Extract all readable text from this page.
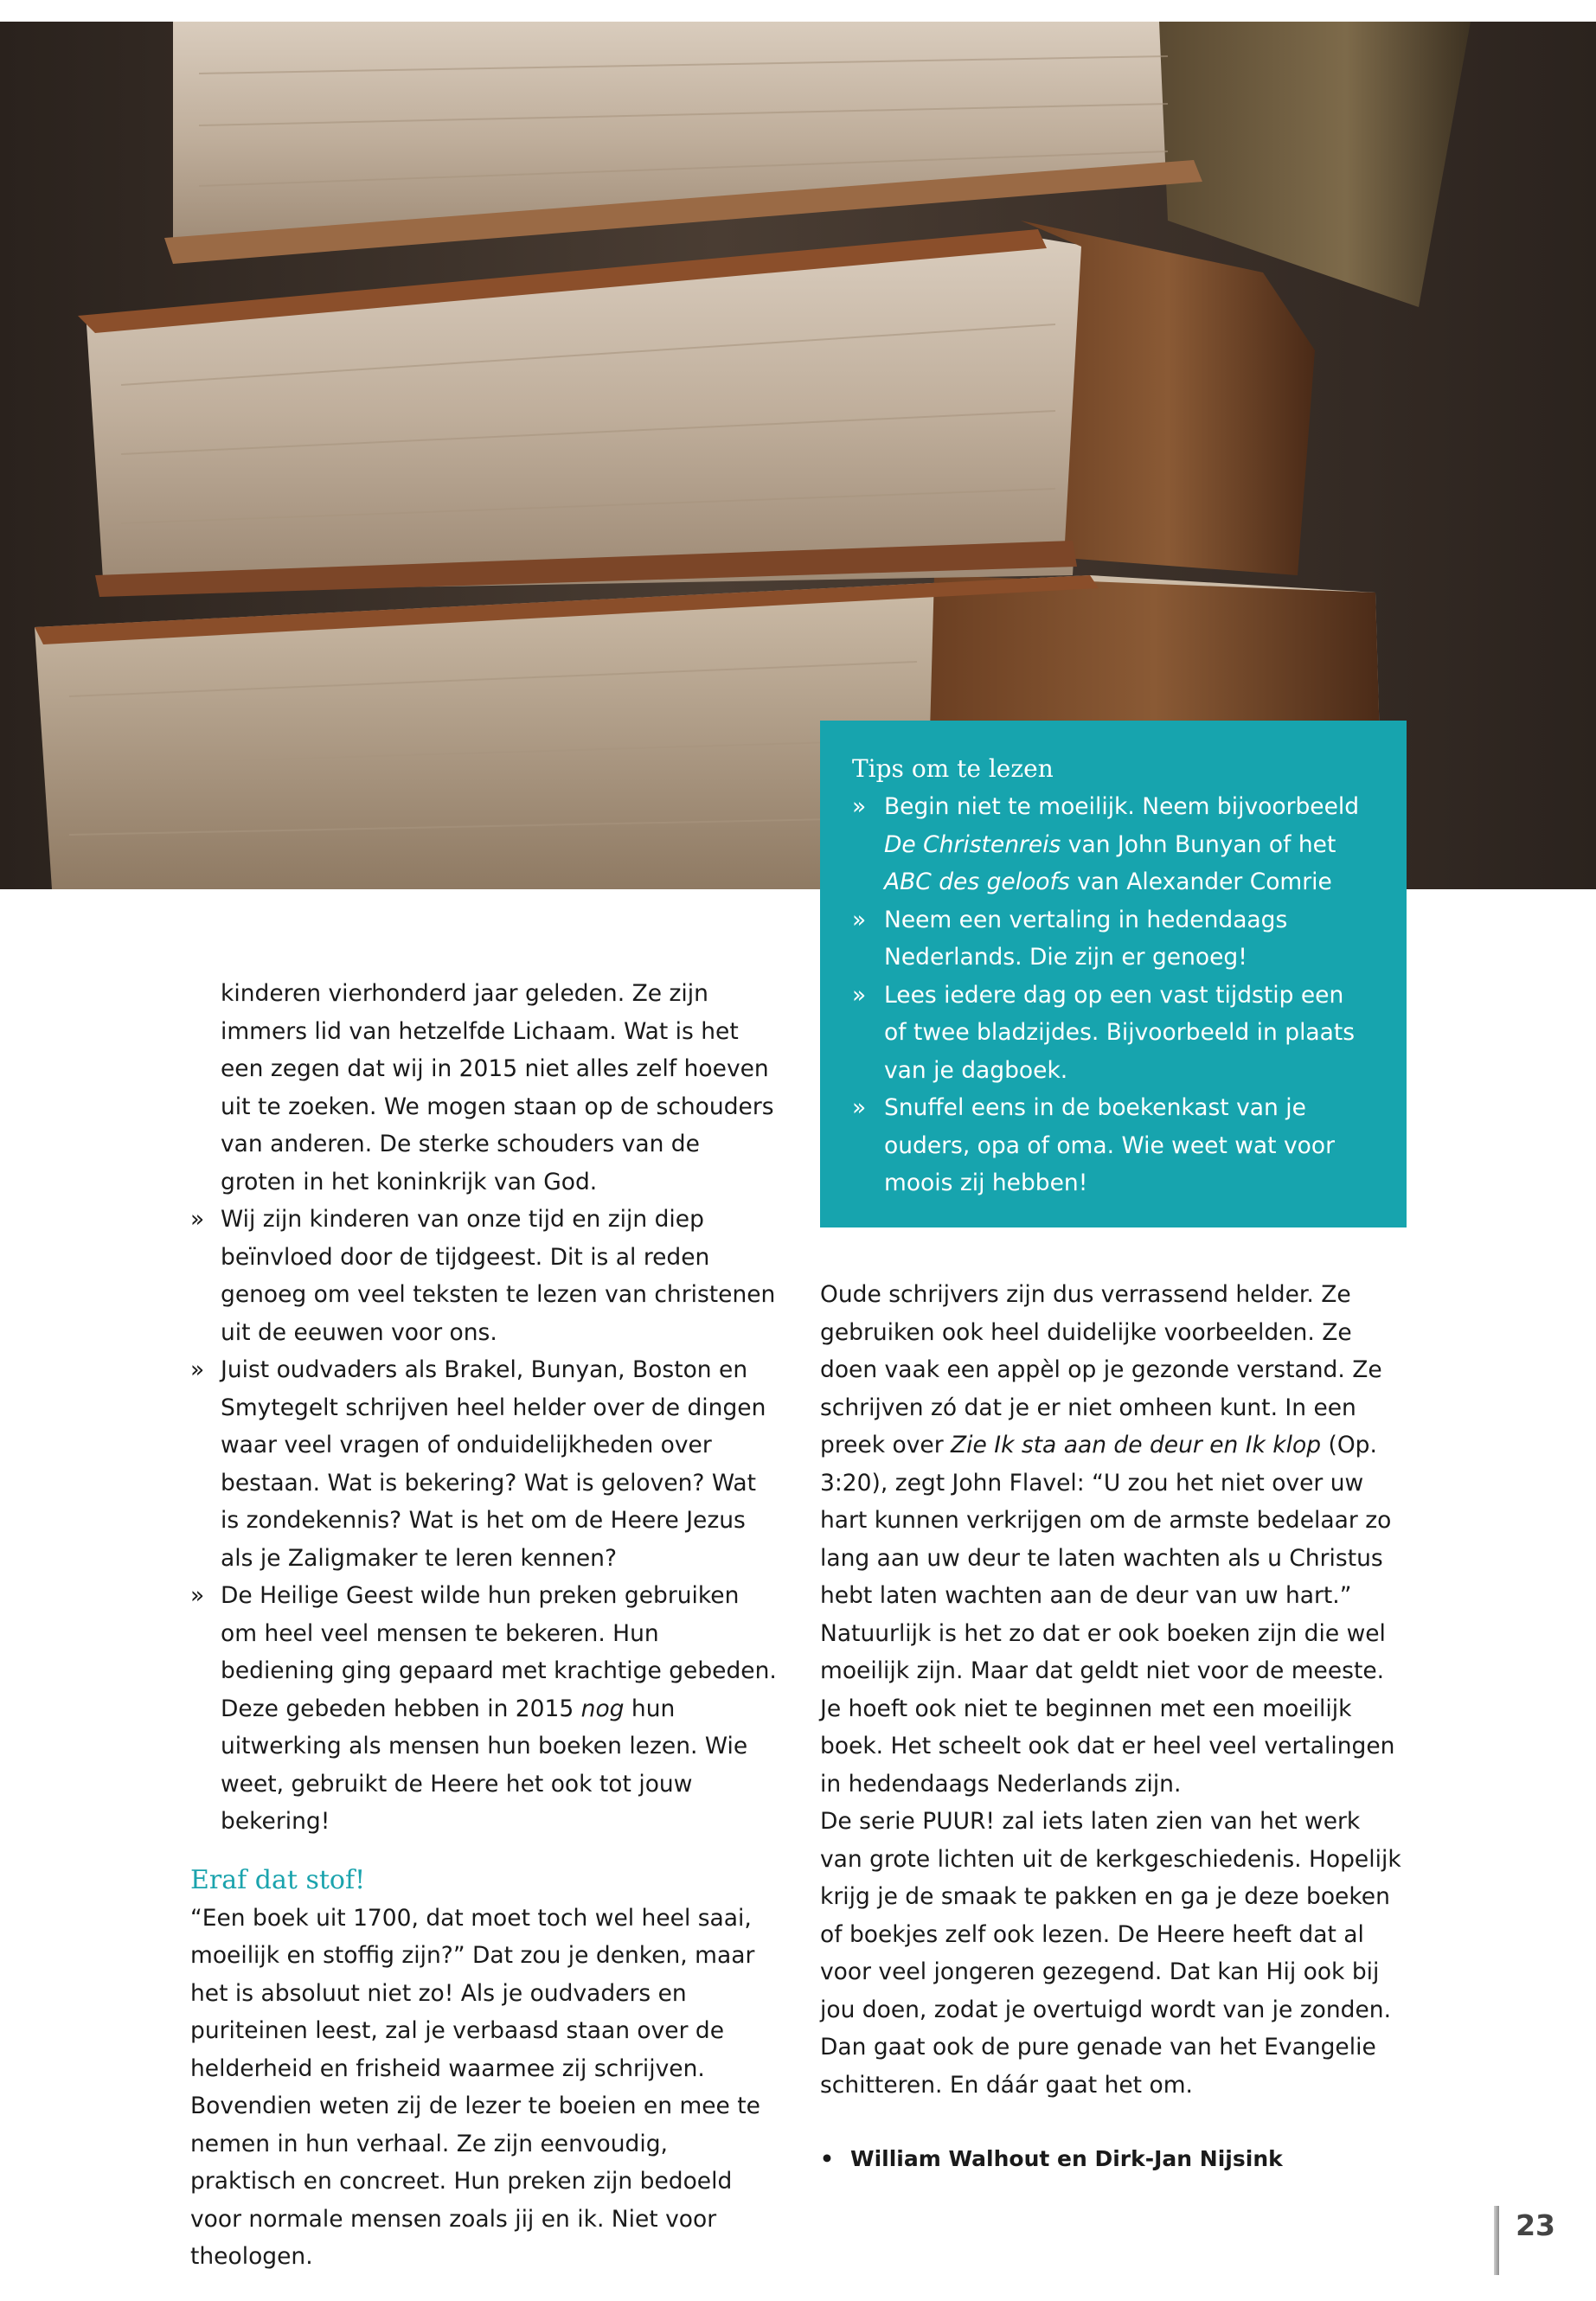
kinderen vierhonderd jaar geleden. Ze zijn immers lid van hetzelfde Lichaam. Wat is het een zegen dat wij in 2015 niet alles zelf hoeven uit te zoeken. We mogen staan op de schouders van anderen. De sterke schouders van de groten in het koninkrijk van God.
» Wij zijn kinderen van onze tijd en zijn diep beïnvloed door de tijdgeest. Dit is al reden genoeg om veel teksten te lezen van christenen uit de eeuwen voor ons.
» Juist oudvaders als Brakel, Bunyan, Boston en Smytegelt schrijven heel helder over de dingen waar veel vragen of onduidelijkheden over bestaan. Wat is bekering? Wat is geloven? Wat is zondekennis? Wat is het om de Heere Jezus als je Zaligmaker te leren kennen?
» De Heilige Geest wilde hun preken gebruiken om heel veel mensen te bekeren. Hun bediening ging gepaard met krachtige gebeden. Deze gebeden hebben in 2015 nog hun uitwerking als mensen hun boeken lezen. Wie weet, gebruikt de Heere het ook tot jouw bekering!
Eraf dat stof!
“Een boek uit 1700, dat moet toch wel heel saai, moeilijk en stoffig zijn?” Dat zou je denken, maar het is absoluut niet zo! Als je oudvaders en puriteinen leest, zal je verbaasd staan over de helderheid en frisheid waarmee zij schrijven. Bovendien weten zij de lezer te boeien en mee te nemen in hun verhaal. Ze zijn eenvoudig, praktisch en concreet. Hun preken zijn bedoeld voor normale mensen zoals jij en ik. Niet voor theologen.
Tips om te lezen
» Begin niet te moeilijk. Neem bijvoorbeeld De Christenreis van John Bunyan of het ABC des geloofs van Alexander Comrie
» Neem een vertaling in hedendaags Nederlands. Die zijn er genoeg!
» Lees iedere dag op een vast tijdstip een of twee bladzijdes. Bijvoorbeeld in plaats van je dagboek.
» Snuffel eens in de boekenkast van je ouders, opa of oma. Wie weet wat voor moois zij hebben!
Oude schrijvers zijn dus verrassend helder. Ze gebruiken ook heel duidelijke voorbeelden. Ze doen vaak een appèl op je gezonde verstand. Ze schrijven zó dat je er niet omheen kunt. In een preek over Zie Ik sta aan de deur en Ik klop (Op. 3:20), zegt John Flavel: “U zou het niet over uw hart kunnen verkrijgen om de armste bedelaar zo lang aan uw deur te laten wachten als u Christus hebt laten wachten aan de deur van uw hart.”
Natuurlijk is het zo dat er ook boeken zijn die wel moeilijk zijn. Maar dat geldt niet voor de meeste. Je hoeft ook niet te beginnen met een moeilijk boek. Het scheelt ook dat er heel veel vertalingen in hedendaags Nederlands zijn.
De serie PUUR! zal iets laten zien van het werk van grote lichten uit de kerkgeschiedenis. Hopelijk krijg je de smaak te pakken en ga je deze boeken of boekjes zelf ook lezen. De Heere heeft dat al voor veel jongeren gezegend. Dat kan Hij ook bij jou doen, zodat je overtuigd wordt van je zonden. Dan gaat ook de pure genade van het Evangelie schitteren. En dáár gaat het om.
• William Walhout en Dirk-Jan Nijsink
23
